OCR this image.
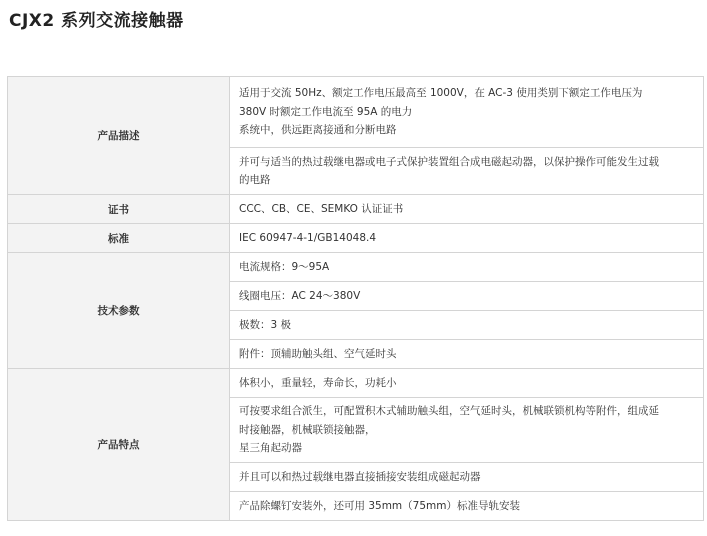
CJX2 系列交流接触器
产品描述	适用于交流 50Hz、额定工作电压最高至 1000V，在 AC-3 使用类别下额定工作电压为
380V 时额定工作电流至 95A 的电力
系统中，供远距离接通和分断电路

	并可与适当的热过载继电器或电子式保护装置组合成电磁起动器，以保护操作可能发生过载
的电路

证书	CCC、CB、CE、SEMKO 认证证书

标准	IEC 60947-4-1/GB14048.4

技术参数	电流规格：9～95A

	线圈电压：AC 24～380V

	极数：3 极

	附件：顶辅助触头组、空气延时头

产品特点	体积小，重量轻，寿命长，功耗小

	可按要求组合派生，可配置积木式辅助触头组，空气延时头，机械联锁机构等附件，组成延
时接触器，机械联锁接触器，
星三角起动器

	并且可以和热过载继电器直接插接安装组成磁起动器

	产品除螺钉安装外，还可用 35mm（75mm）标准导轨安装
